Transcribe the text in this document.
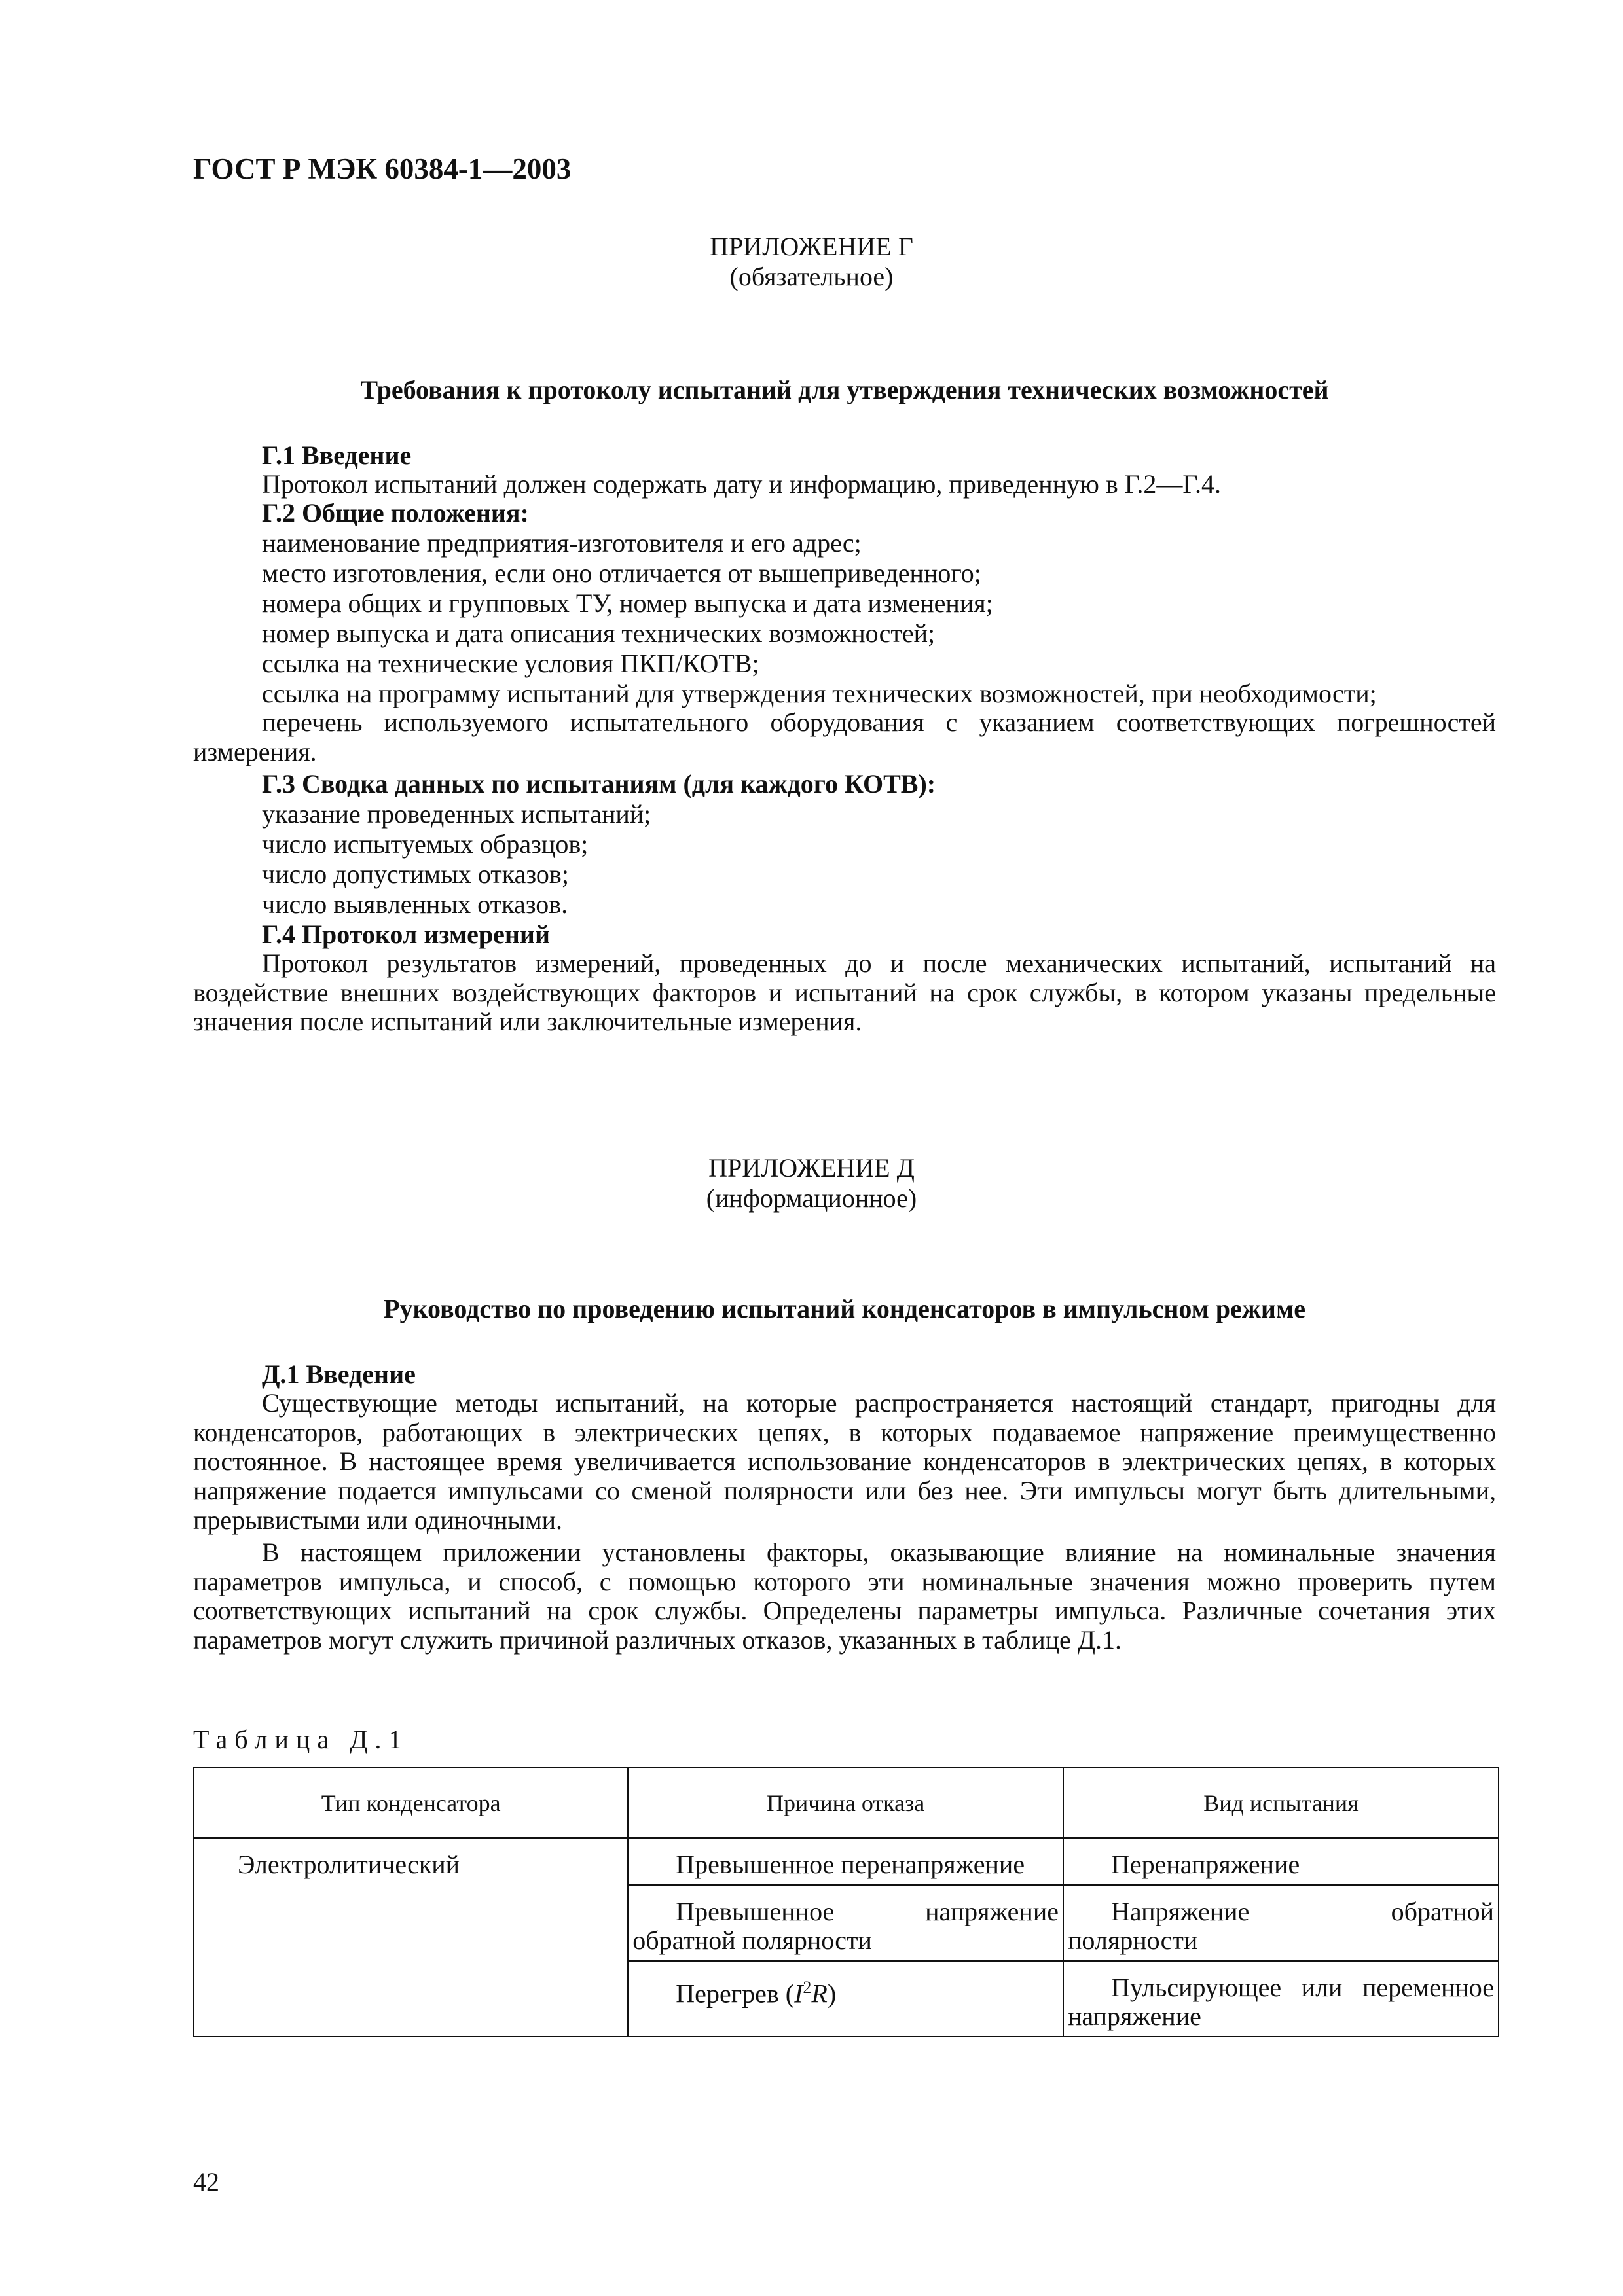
ГОСТ Р МЭК 60384-1—2003
ПРИЛОЖЕНИЕ Г
(обязательное)
Требования к протоколу испытаний для утверждения технических возможностей
Г.1 Введение
Протокол испытаний должен содержать дату и информацию, приведенную в Г.2—Г.4.
Г.2 Общие положения:
наименование предприятия-изготовителя и его адрес;
место изготовления, если оно отличается от вышеприведенного;
номера общих и групповых ТУ, номер выпуска и дата изменения;
номер выпуска и дата описания технических возможностей;
ссылка на технические условия ПКП/КОТВ;
ссылка на программу испытаний для утверждения технических возможностей, при необходимости;
перечень используемого испытательного оборудования с указанием соответствующих погрешностей измерения.
Г.3 Сводка данных по испытаниям (для каждого КОТВ):
указание проведенных испытаний;
число испытуемых образцов;
число допустимых отказов;
число выявленных отказов.
Г.4 Протокол измерений
Протокол результатов измерений, проведенных до и после механических испытаний, испытаний на воздействие внешних воздействующих факторов и испытаний на срок службы, в котором указаны предельные значения после испытаний или заключительные измерения.
ПРИЛОЖЕНИЕ Д
(информационное)
Руководство по проведению испытаний конденсаторов в импульсном режиме
Д.1 Введение
Существующие методы испытаний, на которые распространяется настоящий стандарт, пригодны для конденсаторов, работающих в электрических цепях, в которых подаваемое напряжение преимущественно постоянное. В настоящее время увеличивается использование конденсаторов в электрических цепях, в которых напряжение подается импульсами со сменой полярности или без нее. Эти импульсы могут быть длительными, прерывистыми или одиночными.
В настоящем приложении установлены факторы, оказывающие влияние на номинальные значения параметров импульса, и способ, с помощью которого эти номинальные значения можно проверить путем соответствующих испытаний на срок службы. Определены параметры импульса. Различные сочетания этих параметров могут служить причиной различных отказов, указанных в таблице Д.1.
Таблица Д.1
Тип конденсатора	Причина отказа	Вид испытания

Электролитический	Превышенное перенапряжение	Перенапряжение

	Превышенное напряжение обратной полярности	Напряжение обратной полярности

	Перегрев $(I^2R)$	Пульсирующее или переменное напряжение
42
